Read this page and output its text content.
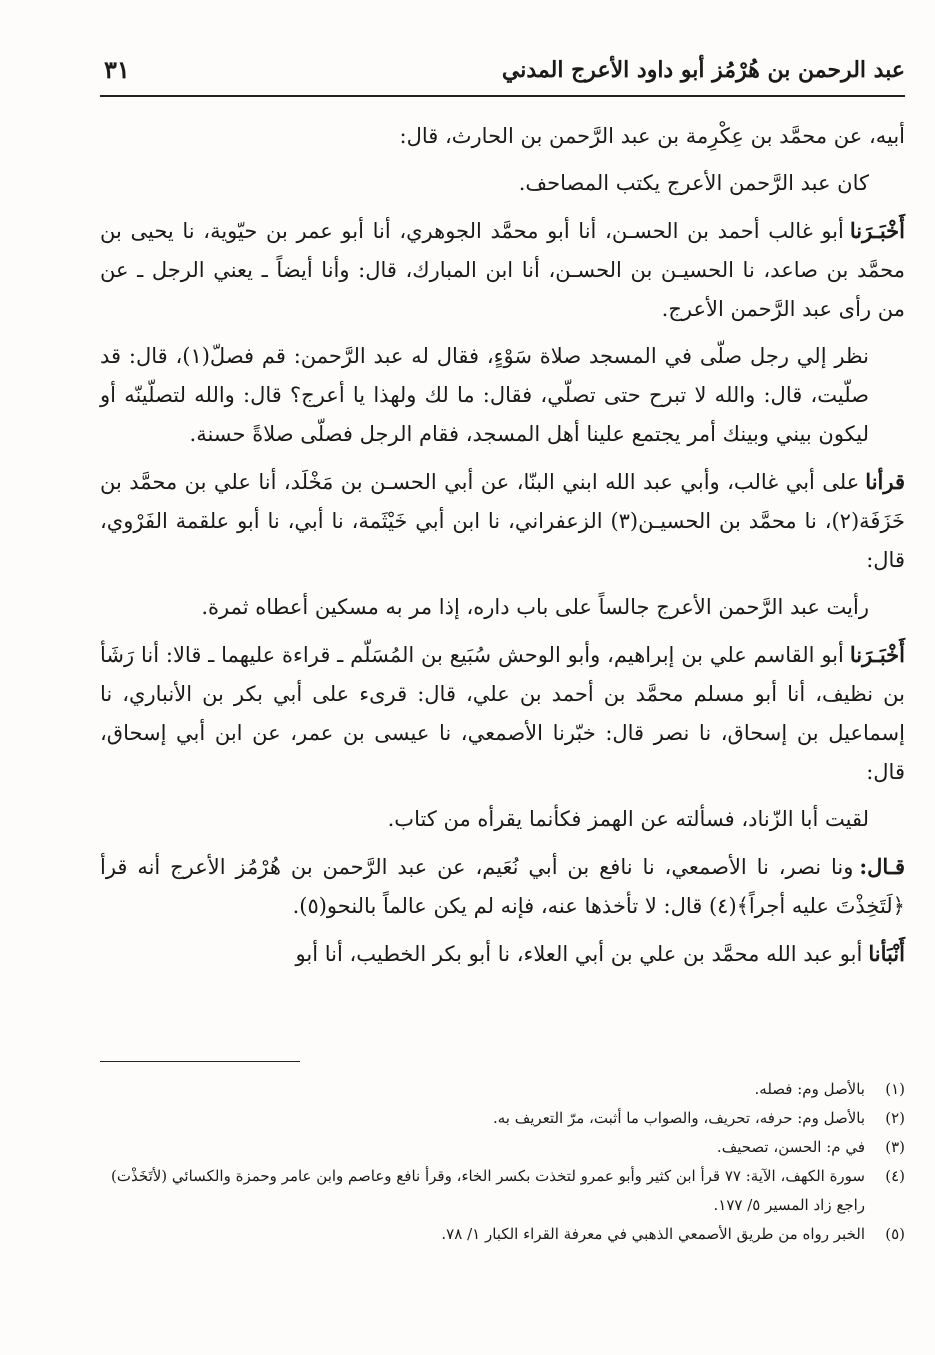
عبد الرحمن بن هُرْمُز أبو داود الأعرج المدني
٣١

أبيه، عن محمَّد بن عِكْرِمة بن عبد الرَّحمن بن الحارث، قال:

كان عبد الرَّحمن الأعرج يكتب المصاحف.

أَخْبَـرَناأبو غالب أحمد بن الحسـن، أنا أبو محمَّد الجوهري، أنا أبو عمر بن حيّوية، نا يحيى بن محمَّد بن صاعد، نا الحسيـن بن الحسـن، أنا ابن المبارك، قال: وأنا أيضاً ـ يعني الرجل ـ عن من رأى عبد الرَّحمن الأعرج.

نظر إلي رجل صلّى في المسجد صلاة سَوْءٍ، فقال له عبد الرَّحمن: قم فصلّ(١)، قال: قد صلّيت، قال: والله لا تبرح حتى تصلّي، فقال: ما لك ولهذا يا أعرج؟ قال: والله لتصلّينّه أو ليكون بيني وبينك أمر يجتمع علينا أهل المسجد، فقام الرجل فصلّى صلاةً حسنة.

قرأناعلى أبي غالب، وأبي عبد الله ابني البنّا، عن أبي الحسـن بن مَخْلَد، أنا علي بن محمَّد بن خَزَفَة(٢)، نا محمَّد بن الحسيـن(٣) الزعفراني، نا ابن أبي خَيْثَمة، نا أبي، نا أبو علقمة الفَرْوي، قال:

رأيت عبد الرَّحمن الأعرج جالساً على باب داره، إذا مر به مسكين أعطاه ثمرة.

أَخْبَـرَناأبو القاسم علي بن إبراهيم، وأبو الوحش سُبَيع بن المُسَلّم ـ قراءة عليهما ـ قالا: أنا رَشَأ بن نظيف، أنا أبو مسلم محمَّد بن أحمد بن علي، قال: قرىء على أبي بكر بن الأنباري، نا إسماعيل بن إسحاق، نا نصر قال: خبّرنا الأصمعي، نا عيسى بن عمر، عن ابن أبي إسحاق، قال:

لقيت أبا الزّناد، فسألته عن الهمز فكأنما يقرأه من كتاب.

قـال:ونا نصر، نا الأصمعي، نا نافع بن أبي نُعَيم، عن عبد الرَّحمن بن هُرْمُز الأعرج أنه قرأ ﴿لَتَخِذْتَ عليه أجراً﴾(٤) قال: لا تأخذها عنه، فإنه لم يكن عالماً بالنحو(٥).

أَنْبَأناأبو عبد الله محمَّد بن علي بن أبي العلاء، نا أبو بكر الخطيب، أنا أبو

(١)
بالأصل وم: فصله.
(٢)
بالأصل وم: حرفه، تحريف، والصواب ما أثبت، مرّ التعريف به.
(٣)
في م: الحسن، تصحيف.
(٤)
سورة الكهف، الآية: ٧٧ قرأ ابن كثير وأبو عمرو لتخذت بكسر الخاء، وقرأ نافع وعاصم وابن عامر وحمزة والكسائي (لأتَخَذْت) راجع زاد المسير ٥/ ١٧٧.
(٥)
الخبر رواه من طريق الأصمعي الذهبي في معرفة القراء الكبار ١/ ٧٨.
